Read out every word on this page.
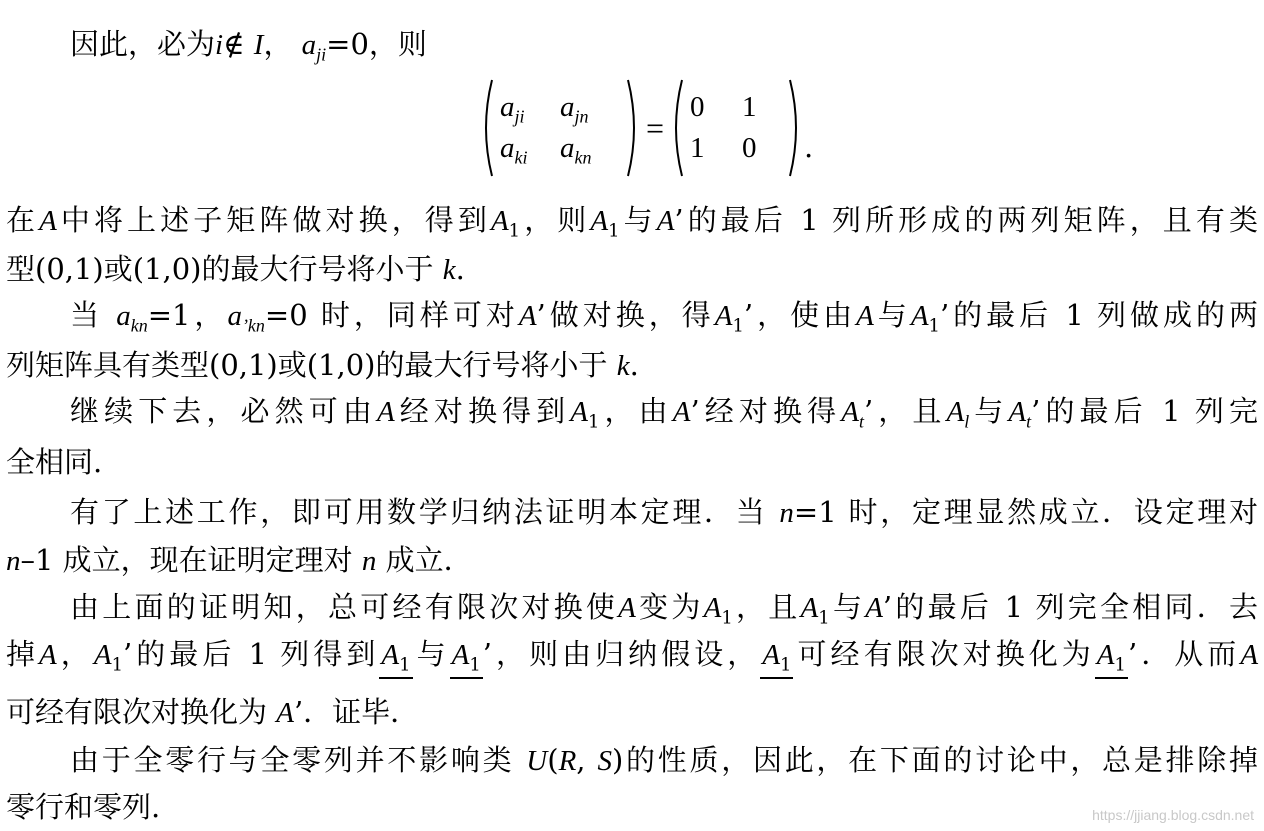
因此，必为i∉ I， $a_{ji}=0$，则
$a_{ji}$	$a_{jn}$
$a_{ki}$	$a_{kn}$
=
0	1
1	0	.
在A中将上述子矩阵做对换，得到$A_1$，则$A_1$与A’的最后 1 列所形成的两列矩阵，且有类
型(0,1)或(1,0)的最大行号将小于 k.
当 $a_{kn}=1$，$a_{’kn}=0$ 时，同样可对A’做对换，得$A_1$’，使由A与$A_1$’的最后 1 列做成的两
列矩阵具有类型(0,1)或(1,0)的最大行号将小于 k.
继续下去，必然可由A经对换得到$A_1$，由A’经对换得$A_t$’，且$A_l$与$A_t$’的最后 1 列完
全相同.
有了上述工作，即可用数学归纳法证明本定理．当 n=1 时，定理显然成立．设定理对
n–1 成立，现在证明定理对 n 成立．
由上面的证明知，总可经有限次对换使A变为$A_1$，且$A_1$与A’的最后 1 列完全相同．去
掉A，$A_1$’的最后 1 列得到$A_1$与$A_1$’，则由归纳假设，$A_1$可经有限次对换化为$A_1$’．从而A
可经有限次对换化为 A’．证毕．
由于全零行与全零列并不影响类 U(R, S)的性质，因此，在下面的讨论中，总是排除掉
零行和零列.	https://jjiang.blog.csdn.net
